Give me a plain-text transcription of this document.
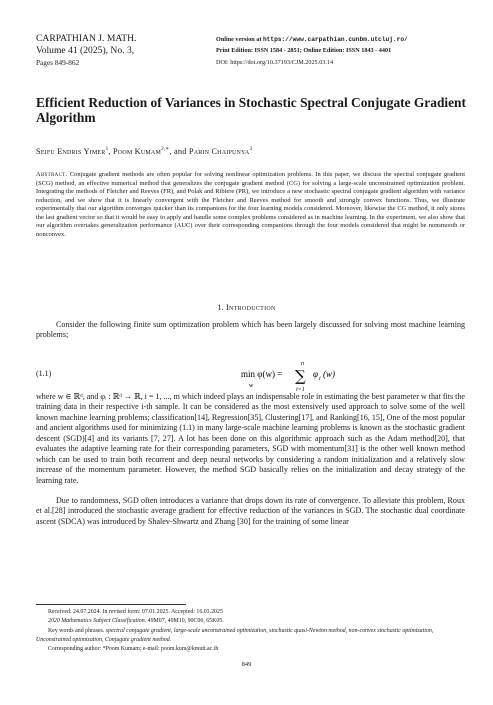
CARPATHIAN J. MATH.
Volume 41 (2025), No. 3,
Pages 849-862
Online version at https://www.carpathian.cunbm.utcluj.ro/
Print Edition: ISSN 1584 - 2851; Online Edition: ISSN 1843 - 4401
DOI: https://doi.org/10.37193/CJM.2025.03.14
Efficient Reduction of Variances in Stochastic Spectral Conjugate Gradient Algorithm
Seifu Endris Yimer$^1$, Poom Kumam$^{2,∗}$, and Parin Chaipunya$^3$
Abstract. Conjugate gradient methods are often popular for solving nonlinear optimization problems. In this paper, we discuss the spectral conjugate gradient (SCG) method, an effective numerical method that generalizes the conjugate gradient method (CG) for solving a large-scale unconstrained optimization problem. Integrating the methods of Fletcher and Reeves (FR), and Polak and Ribiere (PR), we introduce a new stochastic spectral conjugate gradient algorithm with variance reduction, and we show that it is linearly convergent with the Fletcher and Reeves method for smooth and strongly convex functions. Thus, we illustrate experimentally that our algorithm converges quicker than its companions for the four learning models considered. Moreover, likewise the CG method, it only stores the last gradient vector so that it would be easy to apply and handle some complex problems considered as in machine learning. In the experiment, we also show that our algorithm overtakes generalization performance (AUC) over their corresponding companions through the four models considered that might be nonsmooth or nonconvex.
1. Introduction
Consider the following finite sum optimization problem which has been largely discussed for solving most machine learning problems;
(1.1)	min φ(w) =
w
n
∑
i=1
φ i (w)
where w ∈ ℝᵈ, and φᵢ : ℝᵈ → ℝ, i = 1, ..., m which indeed plays an indispensable role in estimating the best parameter w that fits the training data in their respective i-th sample. It can be considered as the most extensively used approach to solve some of the well known machine learning problems; classification[14], Regression[35], Clustering[17], and Ranking[16, 15], One of the most popular and ancient algorithms used for minimizing (1.1) in many large-scale machine learning problems is known as the stochastic gradient descent (SGD)[4] and its variants [7, 27]. A lot has been done on this algorithmic approach such as the Adam method[20], that evaluates the adaptive learning rate for their corresponding parameters, SGD with momentum[31] is the other well known method which can be used to train both recurrent and deep neural networks by considering a random initialization and a relatively slow increase of the momentum parameter. However, the method SGD basically relies on the initialization and decay strategy of the learning rate.
Due to randomness, SGD often introduces a variance that drops down its rate of convergence. To alleviate this problem, Roux et al.[28] introduced the stochastic average gradient for effective reduction of the variances in SGD. The stochastic dual coordinate ascent (SDCA) was introduced by Shalev-Shwartz and Zhang [30] for the training of some linear

Received: 24.07.2024. In revised form: 07.01.2025. Accepted: 16.03.2025

2020 Mathematics Subject Classification. 49M07, 49M10, 90C06, 65K05.

Key words and phrases. spectral conjugate gradient, large-scale unconstrained optimization, stochastic quasi-Newton method, non-convex stochastic optimization, Unconstrained optimization, Conjugate gradient method.

Corresponding author: *Poom Kumam; e-mail: poom.kum@kmutt.ac.th

849
